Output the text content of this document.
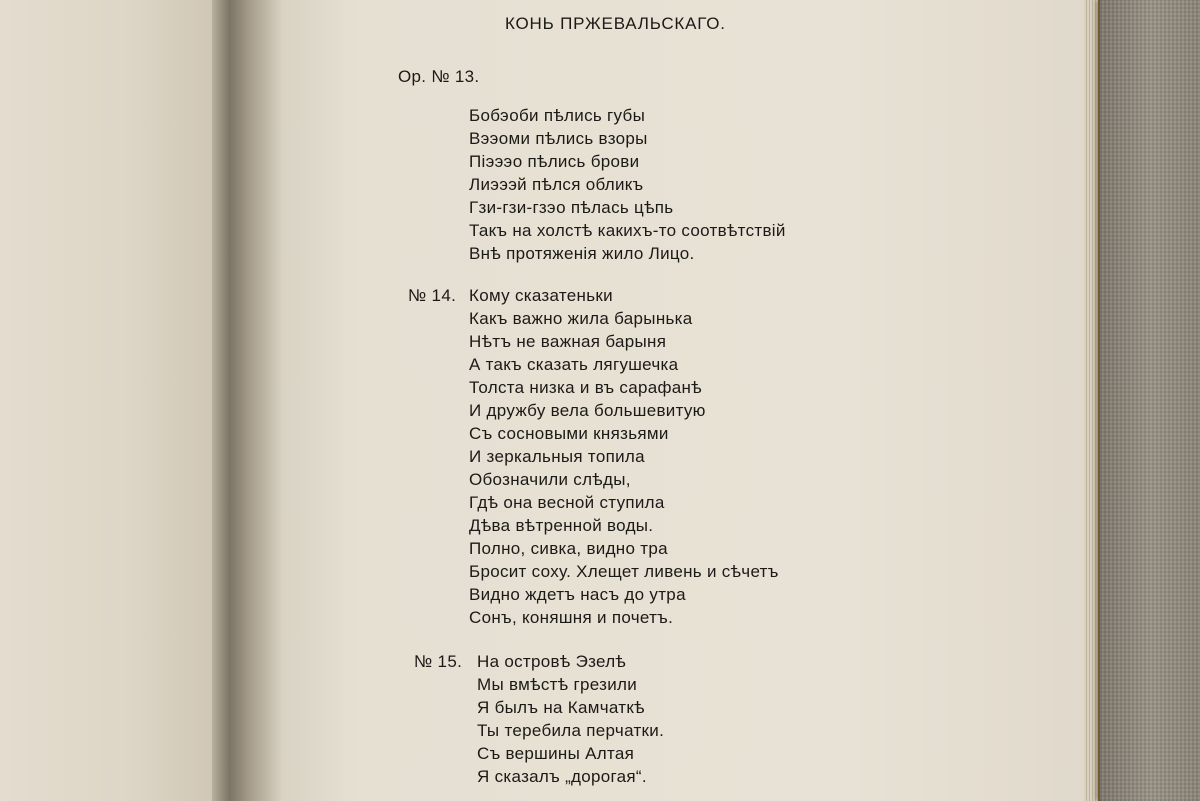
КОНЬ ПРЖЕВАЛЬСКАГО.
Ор. № 13.
Бобэоби пѣлись губы
Вээоми пѣлись взоры
Піэээо пѣлись брови
Лиэээй пѣлся обликъ
Гзи-гзи-гзэо пѣлась цѣпь
Такъ на холстѣ какихъ-то соотвѣтствій
Внѣ протяженія жило Лицо.
№ 14. Кому сказатеньки
Какъ важно жила барынька
Нѣтъ не важная барыня
А такъ сказать лягушечка
Толста низка и въ сарафанѣ
И дружбу вела большевитую
Съ сосновыми князьями
И зеркальныя топила
Обозначили слѣды,
Гдѣ она весной ступила
Дѣва вѣтренной воды.
Полно, сивка, видно тра
Бросит соху. Хлещет ливень и сѣчетъ
Видно ждетъ насъ до утра
Сонъ, коняшня и почетъ.
№ 15. На островѣ Эзелѣ
Мы вмѣстѣ грезили
Я былъ на Камчаткѣ
Ты теребила перчатки.
Съ вершины Алтая
Я сказалъ „дорогая“.
